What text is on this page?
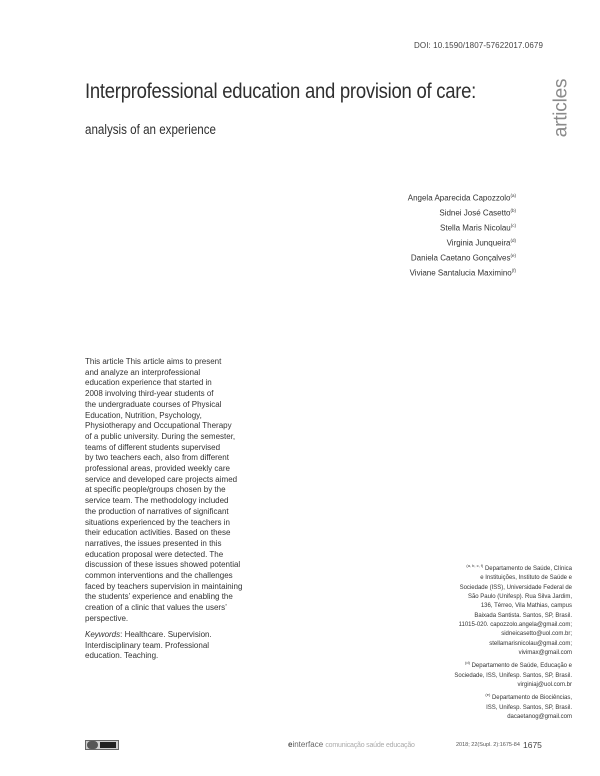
DOI: 10.1590/1807-57622017.0679
articles
Interprofessional education and provision of care:
analysis of an experience
Angela Aparecida Capozzolo$^{(a)}$
Sidnei José Casetto$^{(b)}$
Stella Maris Nicolau$^{(c)}$
Virginia Junqueira$^{(d)}$
Daniela Caetano Gonçalves$^{(e)}$
Viviane Santalucia Maximino$^{(f)}$
This article This article aims to present
and analyze an interprofessional
education experience that started in
2008 involving third-year students of
the undergraduate courses of Physical
Education, Nutrition, Psychology,
Physiotherapy and Occupational Therapy
of a public university. During the semester,
teams of different students supervised
by two teachers each, also from different
professional areas, provided weekly care
service and developed care projects aimed
at specific people/groups chosen by the
service team. The methodology included
the production of narratives of significant
situations experienced by the teachers in
their education activities. Based on these
narratives, the issues presented in this
education proposal were detected. The
discussion of these issues showed potential
common interventions and the challenges
faced by teachers supervision in maintaining
the students’ experience and enabling the
creation of a clinic that values the users’
perspective.
Keywords: Healthcare. Supervision.
Interdisciplinary team. Professional
education. Teaching.
$^{(a, b, c, f)}$ Departamento de Saúde, Clínica
e Instituições, Instituto de Saúde e
Sociedade (ISS), Universidade Federal de
São Paulo (Unifesp). Rua Silva Jardim,
136, Térreo, Vila Mathias, campus
Baixada Santista. Santos, SP, Brasil.
11015-020. capozzolo.angela@gmail.com;
sidneicasetto@uol.com.br;
stellamarisnicolau@gmail.com;
vivimax@gmail.com
$^{(d)}$ Departamento de Saúde, Educação e
Sociedade, ISS, Unifesp. Santos, SP, Brasil.
virginiaj@uol.com.br
$^{(e)}$ Departamento de Biociências,
ISS, Unifesp. Santos, SP, Brasil.
dacaetanog@gmail.com
einterface comunicação saúde educação	2018; 22(Supl. 2):1675-84 1675
